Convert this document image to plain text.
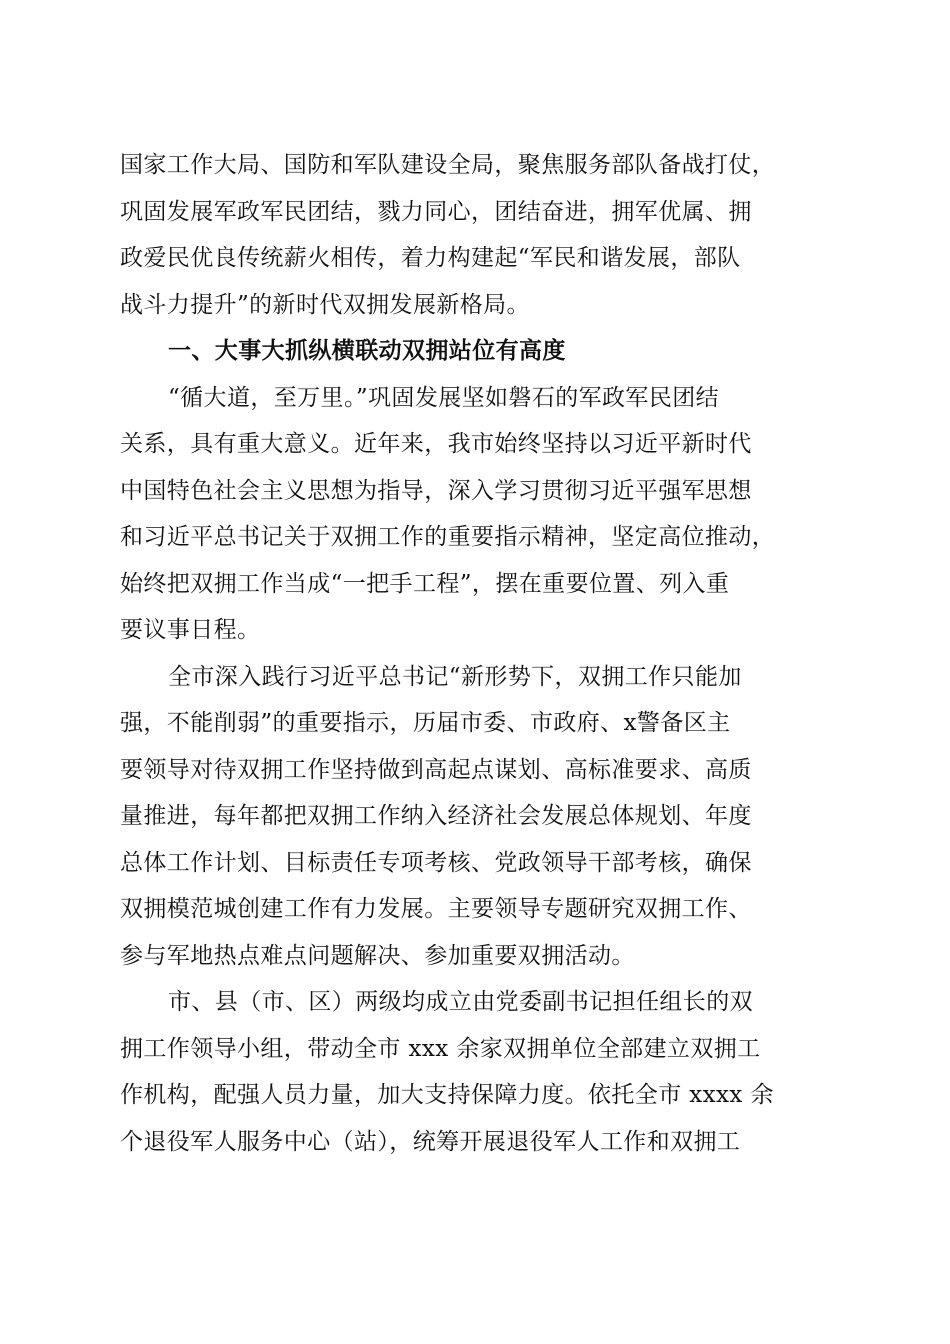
国家工作大局、国防和军队建设全局，聚焦服务部队备战打仗，
巩固发展军政军民团结，戮力同心，团结奋进，拥军优属、拥
政爱民优良传统薪火相传，着力构建起“军民和谐发展，部队
战斗力提升”的新时代双拥发展新格局。
一、大事大抓纵横联动双拥站位有高度
“循大道，至万里。”巩固发展坚如磐石的军政军民团结
关系，具有重大意义。近年来，我市始终坚持以习近平新时代
中国特色社会主义思想为指导，深入学习贯彻习近平强军思想
和习近平总书记关于双拥工作的重要指示精神，坚定高位推动，
始终把双拥工作当成“一把手工程”，摆在重要位置、列入重
要议事日程。
全市深入践行习近平总书记“新形势下，双拥工作只能加
强，不能削弱”的重要指示，历届市委、市政府、x警备区主
要领导对待双拥工作坚持做到高起点谋划、高标准要求、高质
量推进，每年都把双拥工作纳入经济社会发展总体规划、年度
总体工作计划、目标责任专项考核、党政领导干部考核，确保
双拥模范城创建工作有力发展。主要领导专题研究双拥工作、
参与军地热点难点问题解决、参加重要双拥活动。
市、县（市、区）两级均成立由党委副书记担任组长的双
拥工作领导小组，带动全市 xxx 余家双拥单位全部建立双拥工
作机构，配强人员力量，加大支持保障力度。依托全市 xxxx 余
个退役军人服务中心（站），统筹开展退役军人工作和双拥工
